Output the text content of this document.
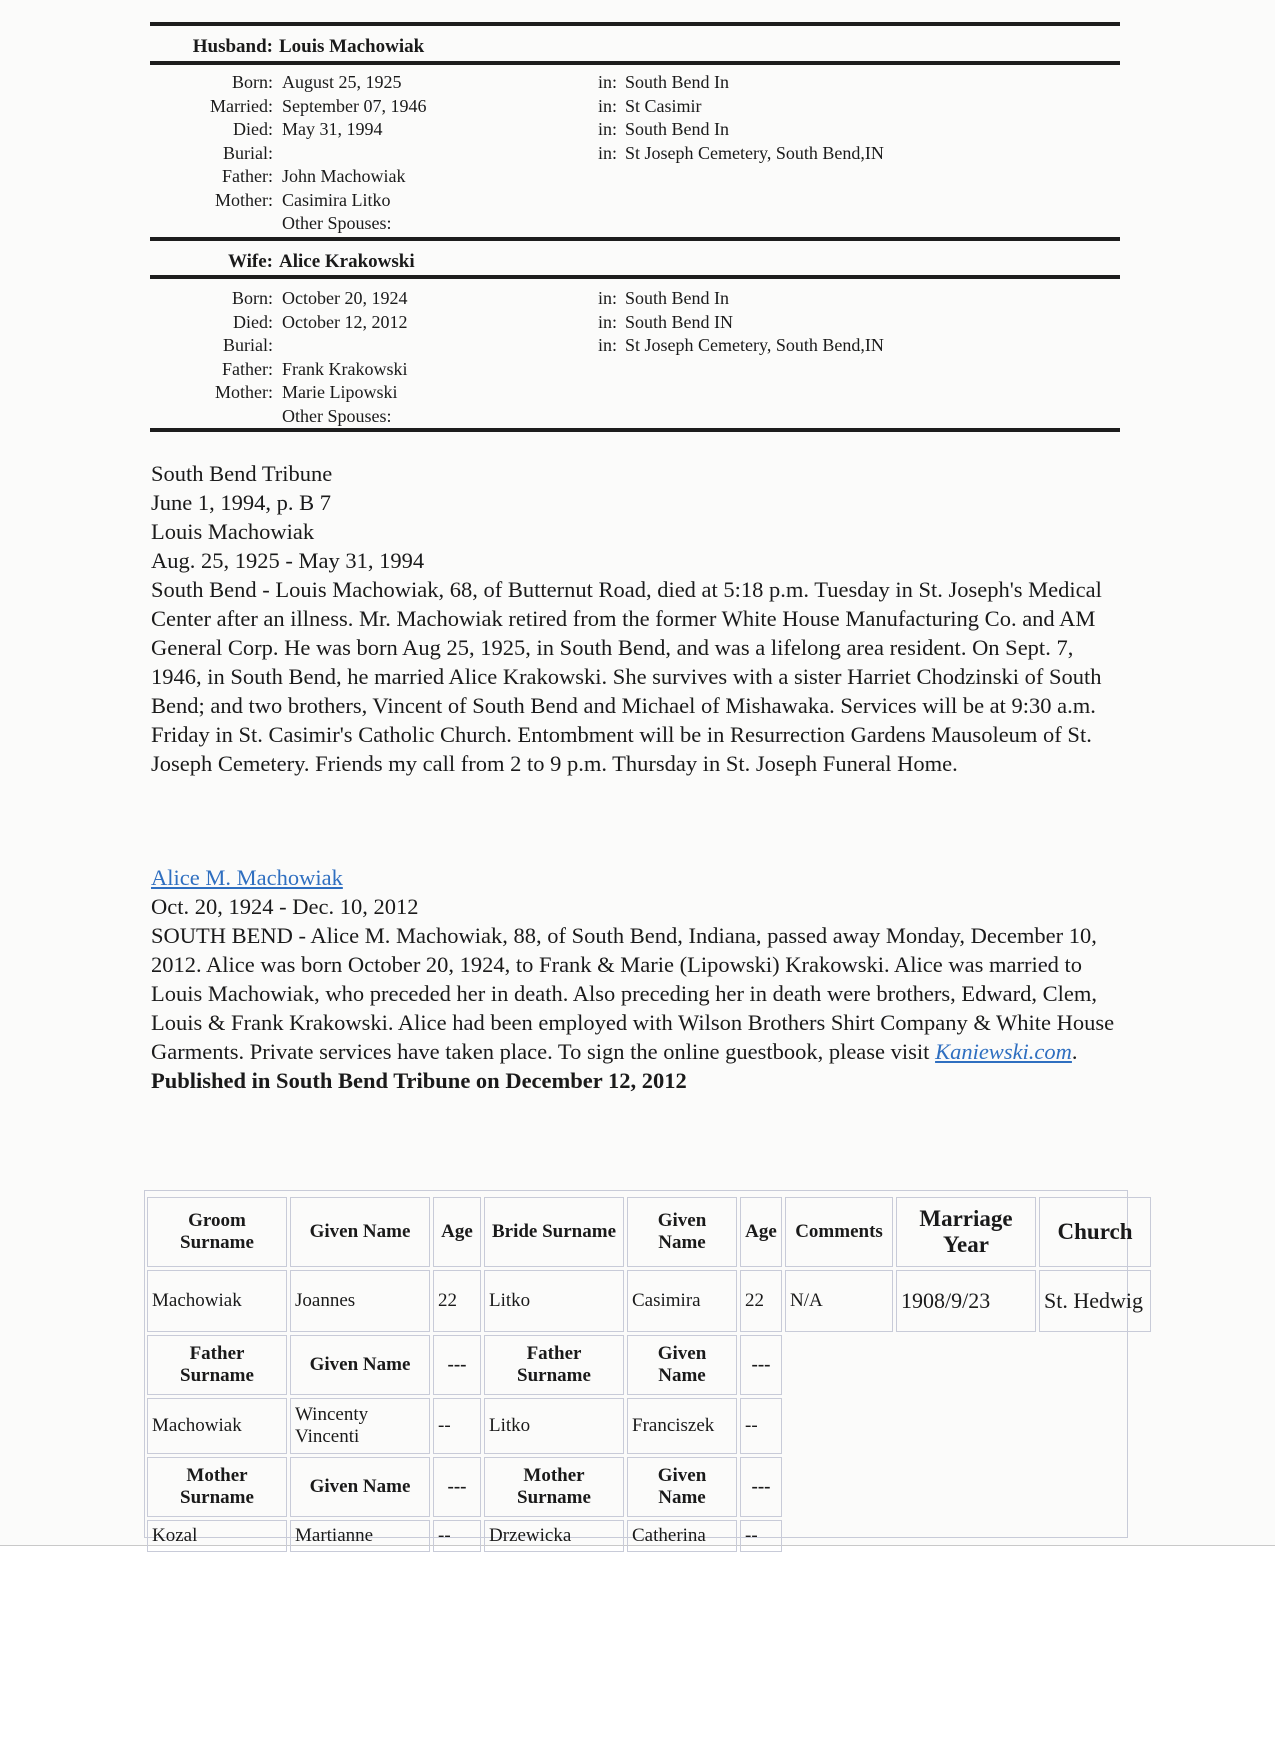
Husband: Louis Machowiak
Born: August 25, 1925	in: South Bend In
Married: September 07, 1946	in: St Casimir
Died: May 31, 1994	in: South Bend In
Burial:	in: St Joseph Cemetery, South Bend,IN
Father: John Machowiak
Mother: Casimira Litko
Other Spouses:
Wife: Alice Krakowski
Born: October 20, 1924	in: South Bend In
Died: October 12, 2012	in: South Bend IN
Burial:	in: St Joseph Cemetery, South Bend,IN
Father: Frank Krakowski
Mother: Marie Lipowski
Other Spouses:

South Bend Tribune

June 1, 1994, p. B 7

Louis Machowiak

Aug. 25, 1925 - May 31, 1994

South Bend - Louis Machowiak, 68, of Butternut Road, died at 5:18 p.m. Tuesday in St. Joseph's Medical Center after an illness. Mr. Machowiak retired from the former White House Manufacturing Co. and AM General Corp. He was born Aug 25, 1925, in South Bend, and was a lifelong area resident. On Sept. 7, 1946, in South Bend, he married Alice Krakowski. She survives with a sister Harriet Chodzinski of South Bend; and two brothers, Vincent of South Bend and Michael of Mishawaka. Services will be at 9:30 a.m. Friday in St. Casimir's Catholic Church. Entombment will be in Resurrection Gardens Mausoleum of St. Joseph Cemetery. Friends my call from 2 to 9 p.m. Thursday in St. Joseph Funeral Home.

Alice M. Machowiak

Oct. 20, 1924 - Dec. 10, 2012

SOUTH BEND - Alice M. Machowiak, 88, of South Bend, Indiana, passed away Monday, December 10, 2012. Alice was born October 20, 1924, to Frank & Marie (Lipowski) Krakowski. Alice was married to Louis Machowiak, who preceded her in death. Also preceding her in death were brothers, Edward, Clem, Louis & Frank Krakowski. Alice had been employed with Wilson Brothers Shirt Company & White House Garments. Private services have taken place. To sign the online guestbook, please visit Kaniewski.com.

Published in South Bend Tribune on December 12, 2012

Groom Surname	Given Name	Age	Bride Surname	Given Name	Age	Comments	Marriage Year	Church
Machowiak	Joannes	22	Litko	Casimira	22	N/A	1908/9/23	St. Hedwig
Father Surname	Given Name	---	Father Surname	Given Name	---			
Machowiak	Wincenty Vincenti	--	Litko	Franciszek	--			
Mother Surname	Given Name	---	Mother Surname	Given Name	---			
Kozal	Martianne	--	Drzewicka	Catherina	--			
